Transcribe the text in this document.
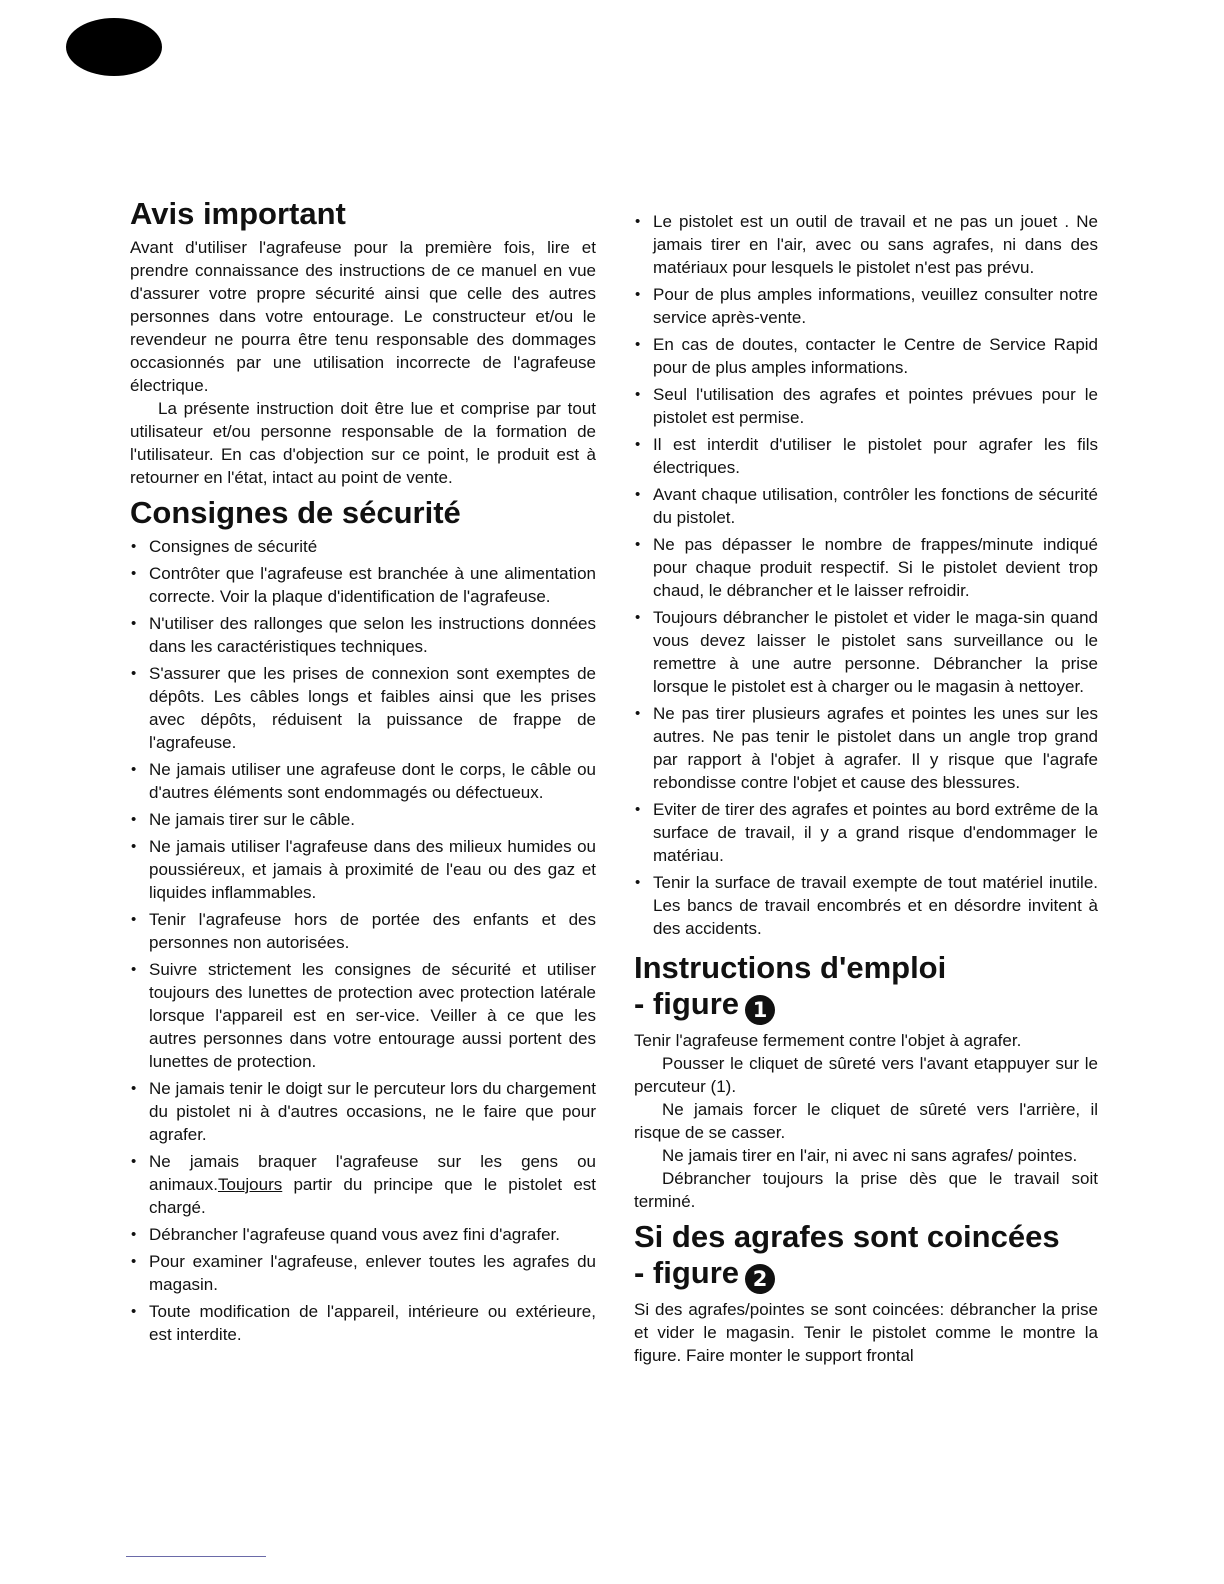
Avis important

Avant d'utiliser l'agrafeuse pour la première fois, lire et prendre connaissance des instructions de ce manuel en vue d'assurer votre propre sécurité ainsi que celle des autres personnes dans votre entourage. Le constructeur et/ou le revendeur ne pourra être tenu responsable des dommages occasionnés par une utilisation incorrecte de l'agrafeuse électrique.

La présente instruction doit être lue et comprise par tout utilisateur et/ou personne responsable de la formation de l'utilisateur. En cas d'objection sur ce point, le produit est à retourner en l'état, intact au point de vente.

Consignes de sécurité
• Consignes de sécurité
• Contrôter que l'agrafeuse est branchée à une alimentation correcte. Voir la plaque d'identification de l'agrafeuse.
• N'utiliser des rallonges que selon les instructions données dans les caractéristiques techniques.
• S'assurer que les prises de connexion sont exemptes de dépôts. Les câbles longs et faibles ainsi que les prises avec dépôts, réduisent la puissance de frappe de l'agrafeuse.
• Ne jamais utiliser une agrafeuse dont le corps, le câble ou d'autres éléments sont endommagés ou défectueux.
• Ne jamais tirer sur le câble.
• Ne jamais utiliser l'agrafeuse dans des milieux humides ou poussiéreux, et jamais à proximité de l'eau ou des gaz et liquides inflammables.
• Tenir l'agrafeuse hors de portée des enfants et des personnes non autorisées.
• Suivre strictement les consignes de sécurité et utiliser toujours des lunettes de protection avec protection latérale lorsque l'appareil est en ser-vice. Veiller à ce que les autres personnes dans votre entourage aussi portent des lunettes de protection.
• Ne jamais tenir le doigt sur le percuteur lors du chargement du pistolet ni à d'autres occasions, ne le faire que pour agrafer.
• Ne jamais braquer l'agrafeuse sur les gens ou animaux.Toujours partir du principe que le pistolet est chargé.
• Débrancher l'agrafeuse quand vous avez fini d'agrafer.
• Pour examiner l'agrafeuse, enlever toutes les agrafes du magasin.
• Toute modification de l'appareil, intérieure ou extérieure, est interdite.
• Le pistolet est un outil de travail et ne pas un jouet . Ne jamais tirer en l'air, avec ou sans agrafes, ni dans des matériaux pour lesquels le pistolet n'est pas prévu.
• Pour de plus amples informations, veuillez consulter notre service après-vente.
• En cas de doutes, contacter le Centre de Service Rapid pour de plus amples informations.
• Seul l'utilisation des agrafes et pointes prévues pour le pistolet est permise.
• Il est interdit d'utiliser le pistolet pour agrafer les fils électriques.
• Avant chaque utilisation, contrôler les fonctions de sécurité du pistolet.
• Ne pas dépasser le nombre de frappes/minute indiqué pour chaque produit respectif. Si le pistolet devient trop chaud, le débrancher et le laisser refroidir.
• Toujours débrancher le pistolet et vider le maga-sin quand vous devez laisser le pistolet sans surveillance ou le remettre à une autre personne. Débrancher la prise lorsque le pistolet est à charger ou le magasin à nettoyer.
• Ne pas tirer plusieurs agrafes et pointes les unes sur les autres. Ne pas tenir le pistolet dans un angle trop grand par rapport à l'objet à agrafer. Il y risque que l'agrafe rebondisse contre l'objet et cause des blessures.
• Eviter de tirer des agrafes et pointes au bord extrême de la surface de travail, il y a grand risque d'endommager le matériau.
• Tenir la surface de travail exempte de tout matériel inutile. Les bancs de travail encombrés et en désordre invitent à des accidents.
Instructions d'emploi
- figure 1

Tenir l'agrafeuse fermement contre l'objet à agrafer.

Pousser le cliquet de sûreté vers l'avant etappuyer sur le percuteur (1).

Ne jamais forcer le cliquet de sûreté vers l'arrière, il risque de se casser.

Ne jamais tirer en l'air, ni avec ni sans agrafes/ pointes.

Débrancher toujours la prise dès que le travail soit terminé.

Si des agrafes sont coincées
- figure 2

Si des agrafes/pointes se sont coincées: débrancher la prise et vider le magasin. Tenir le pistolet comme le montre la figure. Faire monter le support frontal
